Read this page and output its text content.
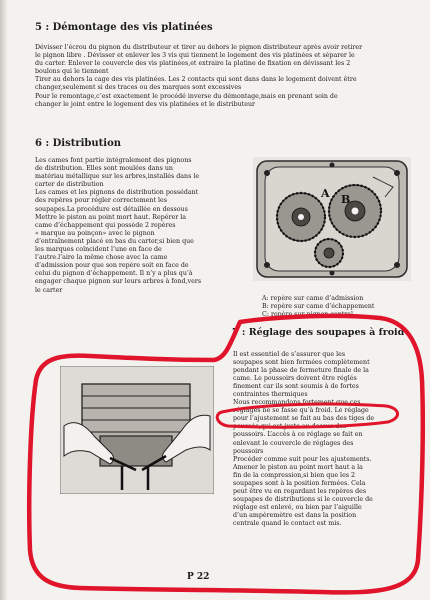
5 : Démontage des vis platinées
Dévisser l’écrou du pignon du distributeur et tirer au dehors le pignon distributeur après avoir retirer
le pignon libre . Dévisser et enlever les 3 vis qui tiennent le logement des vis platinées et séparer le
du carter. Enlever le couvercle des vis platinées,et extraire la platine de fixation en dévissant les 2
boulons qui le tiennent
Tirer au dehors la cage des vis platinées. Les 2 contacts qui sont dans dans le logement doivent être
changer,seulement si des traces ou des marques sont excessives
Pour le remontage,c’est exactement le procédé inverse du démontage,mais en prenant soin de
changer le joint entre le logement des vis platinées et le distributeur
6 : Distribution
Les cames font partie intégralement des pignons
de distribution. Elles sont moulées dans un
matériau métallique sur les arbres,installés dans le
carter de distribution
Les cames et les pignons de distribution possédant
des repères pour régler correctement les
soupapes.La procédure est détaillée en dessous
Mettre le piston au point mort haut. Repérer la
came d’échappement qui possède 2 repères
« marque au poinçon» avec le pignon
d’entraînement placé en bas du carter,si bien que
les marques coïncident l’une en face de
l’autre.l’aire la même chose avec la came
d’admission pour que son repère soit en face de
celui du pignon d’échappement. Il n’y a plus qu’à
engager chaque pignon sur leurs arbres à fond,vers
le carter
A B
A: repère sur came d’admission
B: repère sur came d’échappement
C: repère sur pignon central
7 : Réglage des soupapes à froid
Il est essentiel de s’assurer que les
soupapes sont bien fermées complètement
pendant la phase de fermeture finale de la
came. Le poussoirs doivent être réglés
finement car ils sont soumis à de fortes
contraintes thermiques
Nous recommandons fortement que ces
réglages ne se fasse qu’à froid. Le réglage
pour l’ajustement se fait au bas des tiges de
poussée,qui est juste au dessus des
poussoirs. L’accès à ce réglage se fait en
enlevant le couvercle de réglages des
poussoirs
Procéder comme suit pour les ajustements.
Amener le piston au point mort haut a la
fin de la compression,si bien que les 2
soupapes sont à la position fermées. Cela
peut être vu en regardant les repères des
soupapes de distributions si le couvercle de
réglage est enlevé, ou bien par l’aiguille
d’un ampèremètre est dans la position
centrale quand le contact est mis.
P 22
